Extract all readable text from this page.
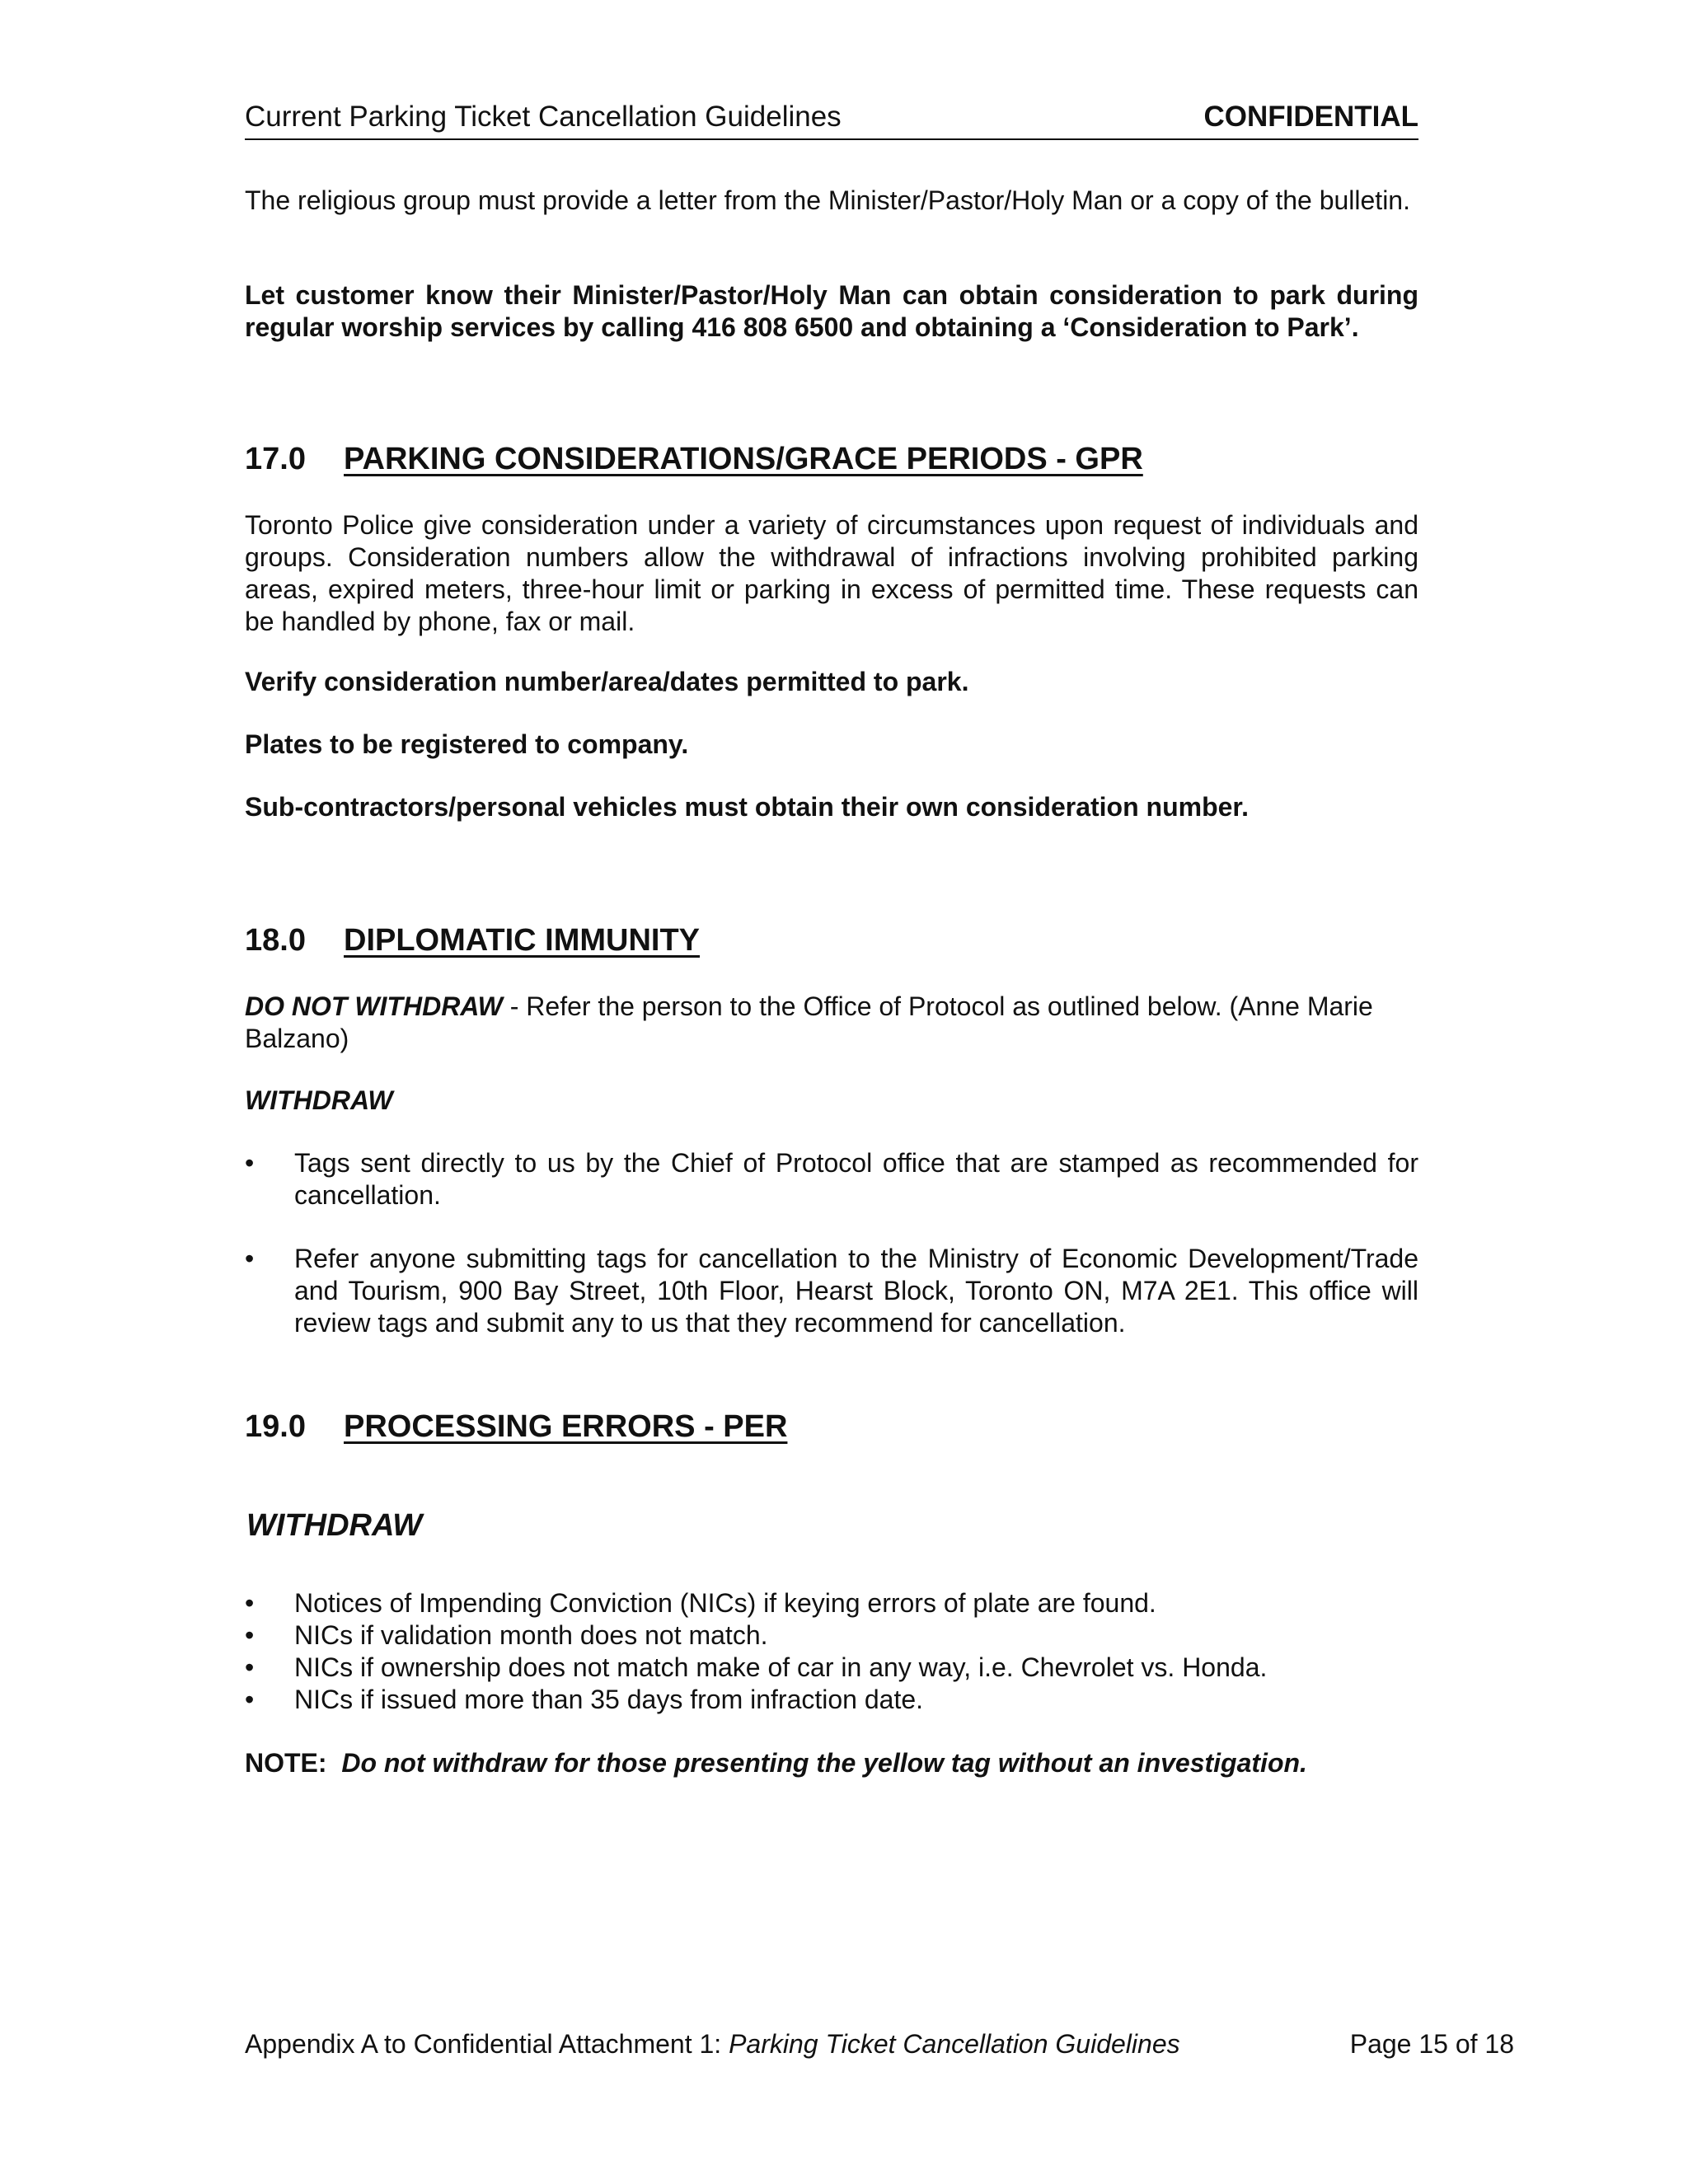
Current Parking Ticket Cancellation Guidelines	CONFIDENTIAL

The religious group must provide a letter from the Minister/Pastor/Holy Man or a copy of the bulletin.

Let customer know their Minister/Pastor/Holy Man can obtain consideration to park during regular worship services by calling 416 808 6500 and obtaining a ‘Consideration to Park’.

17.0 PARKING CONSIDERATIONS/GRACE PERIODS - GPR

Toronto Police give consideration under a variety of circumstances upon request of individuals and groups. Consideration numbers allow the withdrawal of infractions involving prohibited parking areas, expired meters, three-hour limit or parking in excess of permitted time. These requests can be handled by phone, fax or mail.

Verify consideration number/area/dates permitted to park.

Plates to be registered to company.

Sub-contractors/personal vehicles must obtain their own consideration number.

18.0 DIPLOMATIC IMMUNITY

DO NOT WITHDRAW - Refer the person to the Office of Protocol as outlined below. (Anne Marie Balzano)

WITHDRAW

• Tags sent directly to us by the Chief of Protocol office that are stamped as recommended for cancellation.
• Refer anyone submitting tags for cancellation to the Ministry of Economic Development/Trade and Tourism, 900 Bay Street, 10th Floor, Hearst Block, Toronto ON, M7A 2E1. This office will review tags and submit any to us that they recommend for cancellation.
19.0 PROCESSING ERRORS - PER
WITHDRAW
• Notices of Impending Conviction (NICs) if keying errors of plate are found.
• NICs if validation month does not match.
• NICs if ownership does not match make of car in any way, i.e. Chevrolet vs. Honda.
• NICs if issued more than 35 days from infraction date.

NOTE: Do not withdraw for those presenting the yellow tag without an investigation.

Appendix A to Confidential Attachment 1: Parking Ticket Cancellation Guidelines	Page 15 of 18
